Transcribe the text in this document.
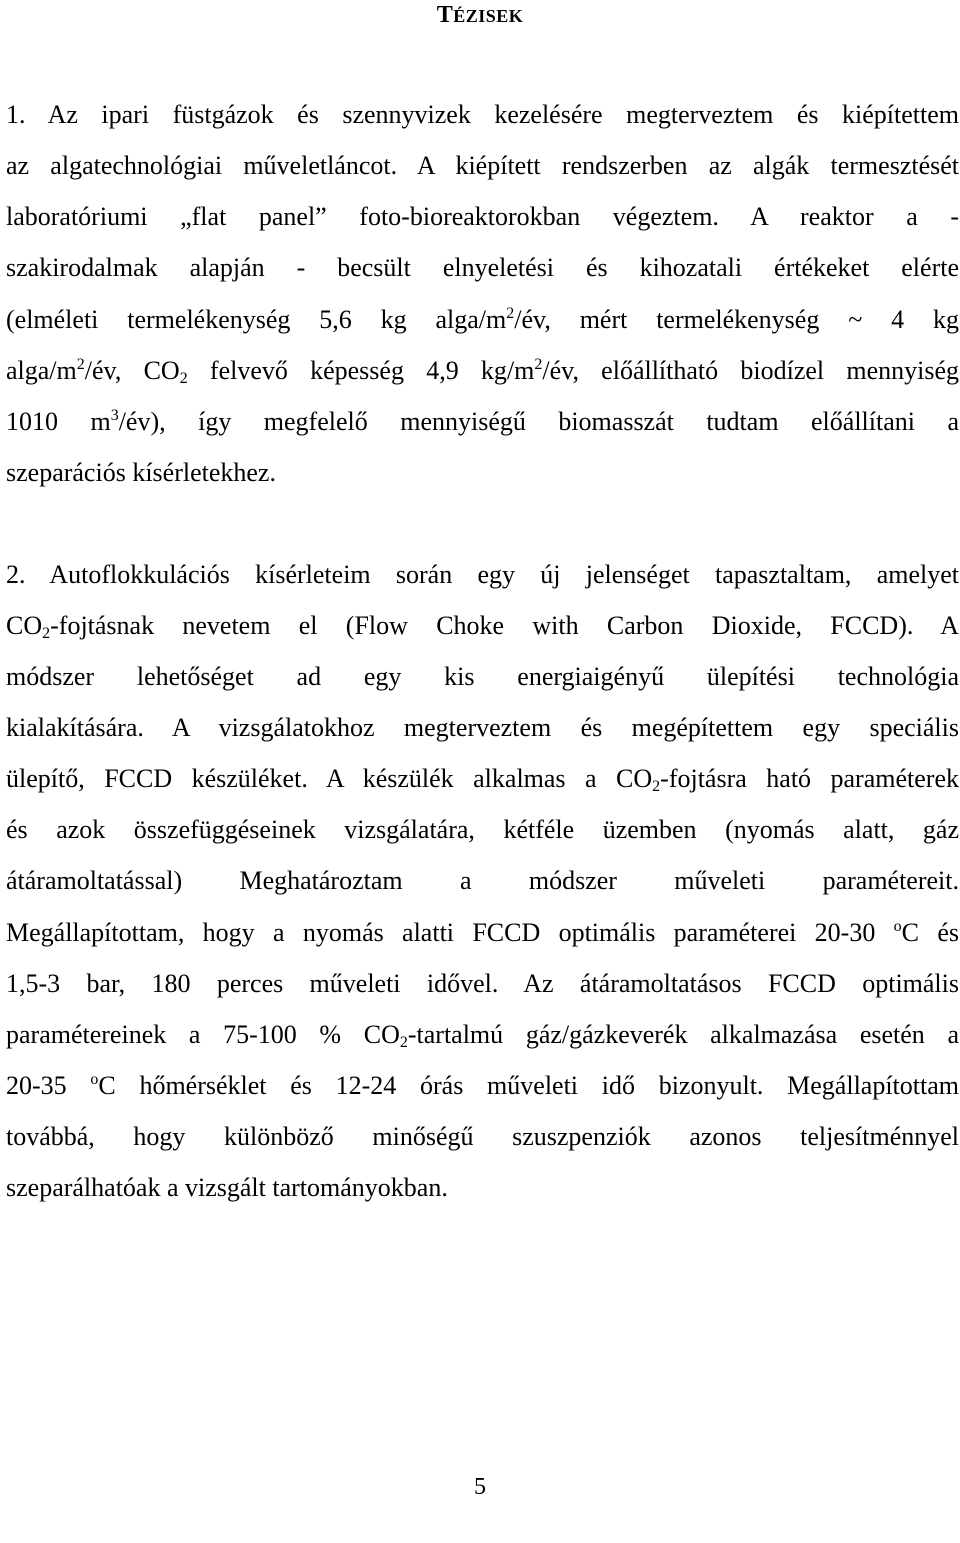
TÉZISEK
1. Az ipari füstgázok és szennyvizek kezelésére megterveztem és kiépítettem
az algatechnológiai műveletláncot. A kiépített rendszerben az algák termesztését
laboratóriumi „flat panel” foto-bioreaktorokban végeztem. A reaktor a -
szakirodalmak alapján - becsült elnyeletési és kihozatali értékeket elérte
(elméleti termelékenység 5,6 kg alga/$m^2/év$, mért termelékenység ~ 4 kg
alga/$m^2/év$, $CO_2$ felvevő képesség 4,9 $kg/m^2/év$, előállítható biodízel mennyiség
1010 $m^3/év$), így megfelelő mennyiségű biomasszát tudtam előállítani a
szeparációs kísérletekhez.
2. Autoflokkulációs kísérleteim során egy új jelenséget tapasztaltam, amelyet
$CO_2$-fojtásnak nevetem el (Flow Choke with Carbon Dioxide, FCCD). A
módszer lehetőséget ad egy kis energiaigényű ülepítési technológia
kialakítására. A vizsgálatokhoz megterveztem és megépítettem egy speciális
ülepítő, FCCD készüléket. A készülék alkalmas a $CO_2$-fojtásra ható paraméterek
és azok összefüggéseinek vizsgálatára, kétféle üzemben (nyomás alatt, gáz
átáramoltatással) Meghatároztam a módszer műveleti paramétereit.
Megállapítottam, hogy a nyomás alatti FCCD optimális paraméterei 20-30 $^o$C és
1,5-3 bar, 180 perces műveleti idővel. Az átáramoltatásos FCCD optimális
paramétereinek a 75-100 % $CO_2$-tartalmú gáz/gázkeverék alkalmazása esetén a
20-35 $^o$C hőmérséklet és 12-24 órás műveleti idő bizonyult. Megállapítottam
továbbá, hogy különböző minőségű szuszpenziók azonos teljesítménnyel
szeparálhatóak a vizsgált tartományokban.
5
